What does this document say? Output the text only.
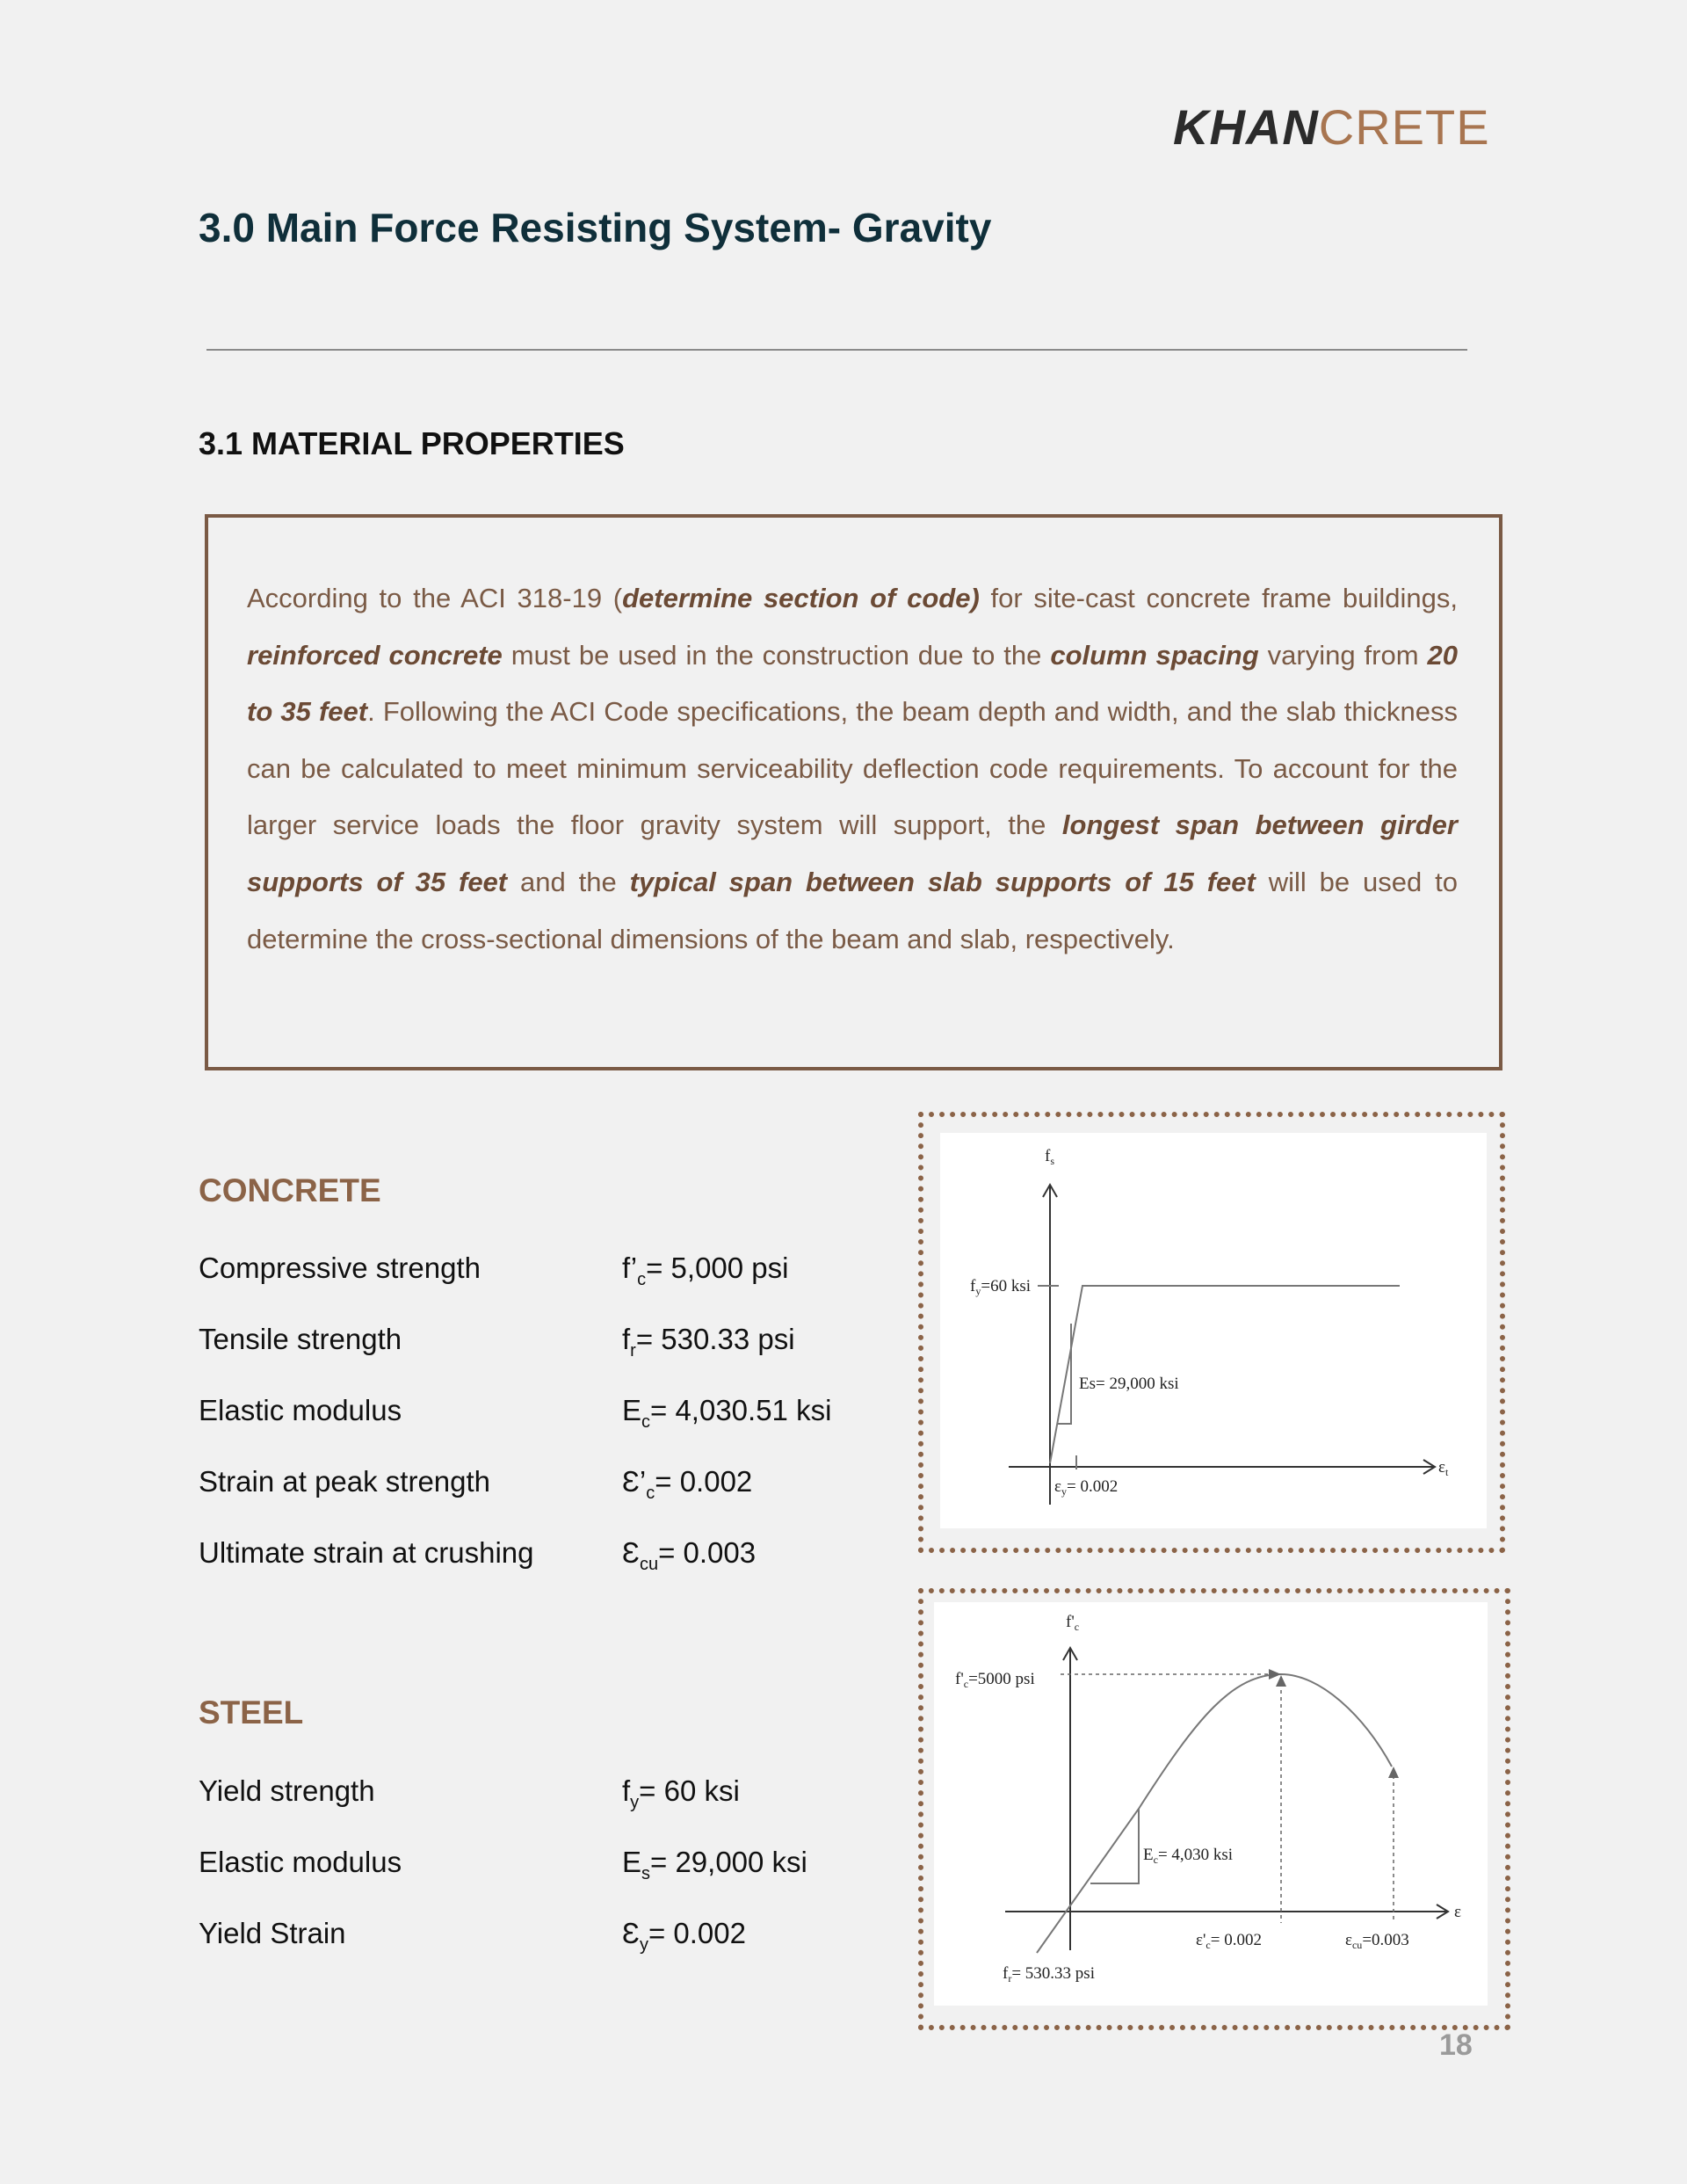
KHANCRETE
3.0 Main Force Resisting System- Gravity
3.1 MATERIAL PROPERTIES
According to the ACI 318-19 (determine section of code) for site-cast concrete frame buildings, reinforced concrete must be used in the construction due to the column spacing varying from 20 to 35 feet. Following the ACI Code specifications, the beam depth and width, and the slab thickness can be calculated to meet minimum serviceability deflection code requirements. To account for the larger service loads the floor gravity system will support, the longest span between girder supports of 35 feet and the typical span between slab supports of 15 feet will be used to determine the cross-sectional dimensions of the beam and slab, respectively.
CONCRETE
Compressive strength	$f’_c= 5,000$ psi
Tensile strength	$f_r= 530.33$ psi
Elastic modulus	$E_c= 4,030.51$ ksi
Strain at peak strength	$Ɛ’_c= 0.002$
Ultimate strain at crushing	$Ɛ_{cu}= 0.003$
STEEL
Yield strength	$f_y= 60$ ksi
Elastic modulus	$E_s= 29,000$ ksi
Yield Strain	$Ɛ_y= 0.002$
$f_s$
$\varepsilon_t$
$f_y=60$ ksi
Es= 29,000 ksi
$\varepsilon_y= 0.002$
$f'_c$
ε
$f'_c=5000$ psi
$E_c= 4,030$ ksi
$\varepsilon'_c= 0.002$	$\varepsilon_{cu}=0.003$
$f_r= 530.33$ psi
18
